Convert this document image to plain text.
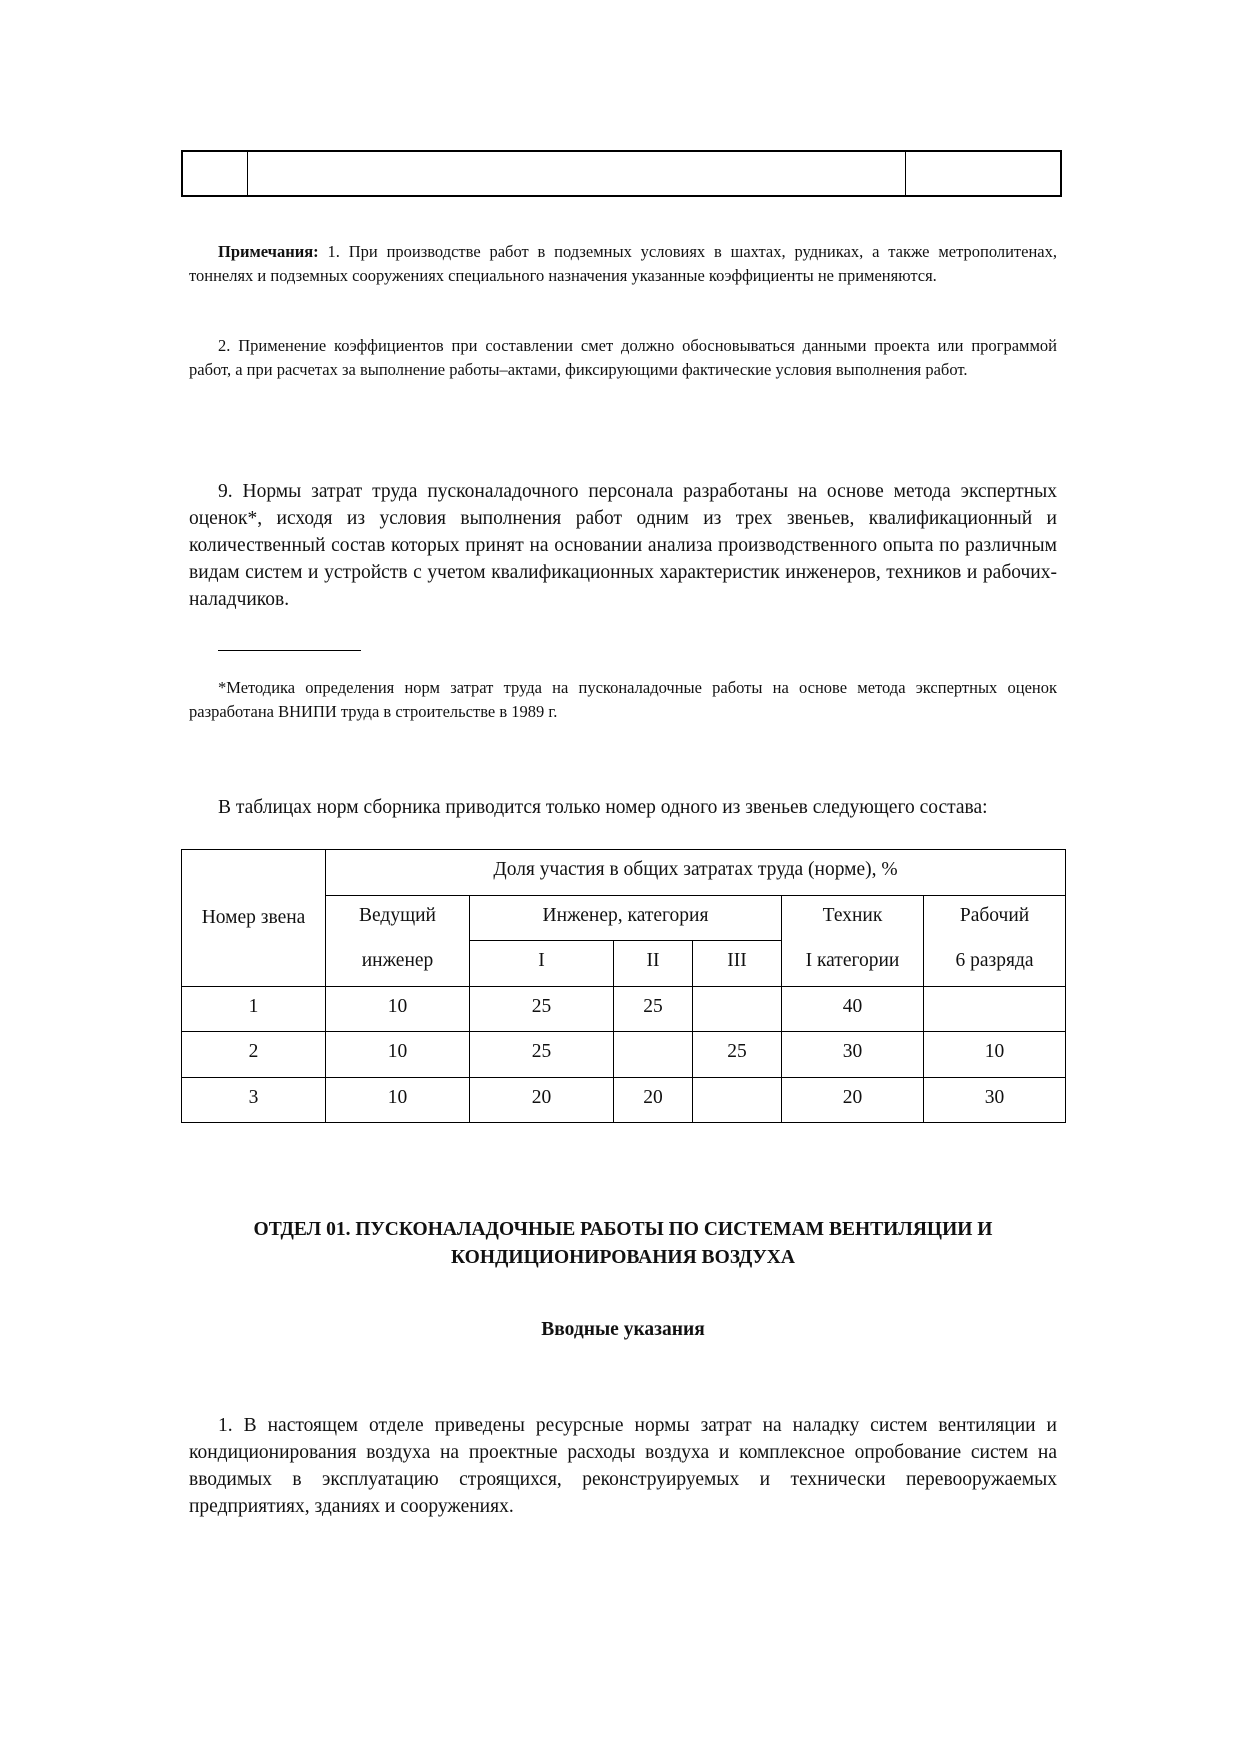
Примечания: 1. При производстве работ в подземных условиях в шахтах, рудниках, а также метрополитенах, тоннелях и подземных сооружениях специального назначения указанные коэффициенты не применяются.

2. Применение коэффициентов при составлении смет должно обосновываться данными проекта или программой работ, а при расчетах за выполнение работы–актами, фиксирующими фактические условия выполнения работ.

9. Нормы затрат труда пусконаладочного персонала разработаны на основе метода экспертных оценок*, исходя из условия выполнения работ одним из трех звеньев, квалификационный и количественный состав которых принят на основании анализа производственного опыта по различным видам систем и устройств с учетом квалификационных характеристик инженеров, техников и рабочих-наладчиков.

*Методика определения норм затрат труда на пусконаладочные работы на основе метода экспертных оценок разработана ВНИПИ труда в строительстве в 1989 г.

В таблицах норм сборника приводится только номер одного из звеньев следующего состава:

Номер звена	Доля участия в общих затратах труда (норме), %					
	Ведущий	Инженер, категория			Техник	Рабочий
	инженер	I	II	III	I категории	6 разряда
1	10	25	25		40	
2	10	25		25	30	10
3	10	20	20		20	30

ОТДЕЛ 01. ПУСКОНАЛАДОЧНЫЕ РАБОТЫ ПО СИСТЕМАМ ВЕНТИЛЯЦИИ И
КОНДИЦИОНИРОВАНИЯ ВОЗДУХА

Вводные указания

1. В настоящем отделе приведены ресурсные нормы затрат на наладку систем вентиляции и кондиционирования воздуха на проектные расходы воздуха и комплексное опробование систем на вводимых в эксплуатацию строящихся, реконструируемых и технически перевооружаемых предприятиях, зданиях и сооружениях.
